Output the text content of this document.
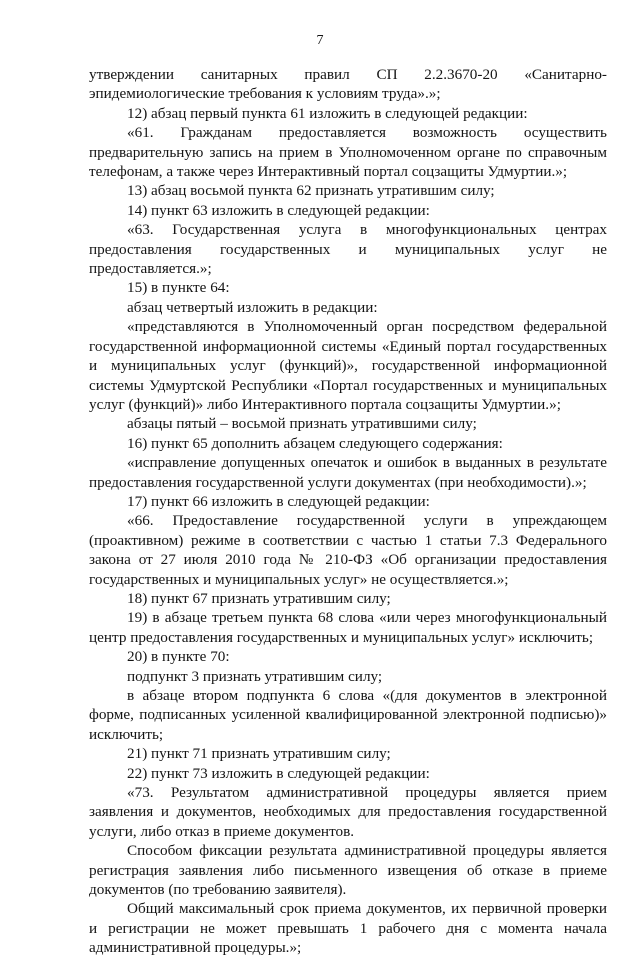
7

утверждении санитарных правил СП 2.2.3670-20 «Санитарно-эпидемиологические требования к условиям труда».»;

12) абзац первый пункта 61 изложить в следующей редакции:

«61. Гражданам предоставляется возможность осуществить предварительную запись на прием в Уполномоченном органе по справочным телефонам, а также через Интерактивный портал соцзащиты Удмуртии.»;

13) абзац восьмой пункта 62 признать утратившим силу;

14) пункт 63 изложить в следующей редакции:

«63. Государственная услуга в многофункциональных центрах предоставления государственных и муниципальных услуг не предоставляется.»;

15) в пункте 64:

абзац четвертый изложить в редакции:

«представляются в Уполномоченный орган посредством федеральной государственной информационной системы «Единый портал государственных и муниципальных услуг (функций)», государственной информационной системы Удмуртской Республики «Портал государственных и муниципальных услуг (функций)» либо Интерактивного портала соцзащиты Удмуртии.»;

абзацы пятый – восьмой признать утратившими силу;

16) пункт 65 дополнить абзацем следующего содержания:

«исправление допущенных опечаток и ошибок в выданных в результате предоставления государственной услуги документах (при необходимости).»;

17) пункт 66 изложить в следующей редакции:

«66. Предоставление государственной услуги в упреждающем (проактивном) режиме в соответствии с частью 1 статьи 7.3 Федерального закона от 27 июля 2010 года № 210-ФЗ «Об организации предоставления государственных и муниципальных услуг» не осуществляется.»;

18) пункт 67 признать утратившим силу;

19) в абзаце третьем пункта 68 слова «или через многофункциональный центр предоставления государственных и муниципальных услуг» исключить;

20) в пункте 70:

подпункт 3 признать утратившим силу;

в абзаце втором подпункта 6 слова «(для документов в электронной форме, подписанных усиленной квалифицированной электронной подписью)» исключить;

21) пункт 71 признать утратившим силу;

22) пункт 73 изложить в следующей редакции:

«73. Результатом административной процедуры является прием заявления и документов, необходимых для предоставления государственной услуги, либо отказ в приеме документов.

Способом фиксации результата административной процедуры является регистрация заявления либо письменного извещения об отказе в приеме документов (по требованию заявителя).

Общий максимальный срок приема документов, их первичной проверки и регистрации не может превышать 1 рабочего дня с момента начала административной процедуры.»;
